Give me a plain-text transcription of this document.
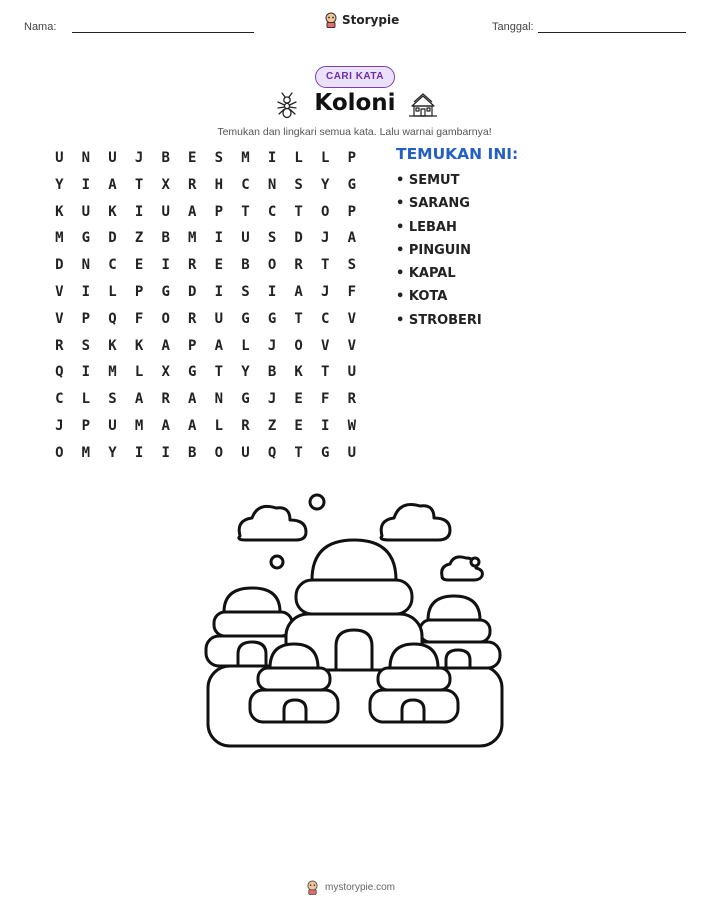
Nama:	Storypie	Tanggal:
CARI KATA
Koloni
Temukan dan lingkari semua kata. Lalu warnai gambarnya!
U	N	U	J	B	E	S	M	I	L	L	P
Y	I	A	T	X	R	H	C	N	S	Y	G
K	U	K	I	U	A	P	T	C	T	O	P
M	G	D	Z	B	M	I	U	S	D	J	A
D	N	C	E	I	R	E	B	O	R	T	S
V	I	L	P	G	D	I	S	I	A	J	F
V	P	Q	F	O	R	U	G	G	T	C	V
R	S	K	K	A	P	A	L	J	O	V	V
Q	I	M	L	X	G	T	Y	B	K	T	U
C	L	S	A	R	A	N	G	J	E	F	R
J	P	U	M	A	A	L	R	Z	E	I	W
O	M	Y	I	I	B	O	U	Q	T	G	U
TEMUKAN INI:
• SEMUT
• SARANG
• LEBAH
• PINGUIN
• KAPAL
• KOTA
• STROBERI
mystorypie.com
